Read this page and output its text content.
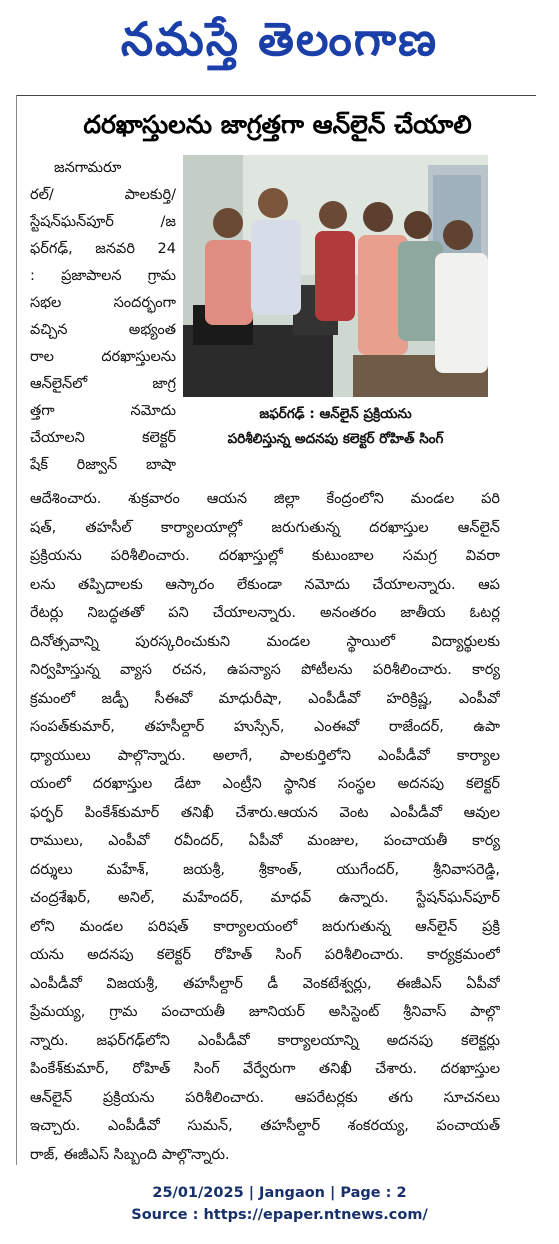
నమస్తే తెలంగాణ
దరఖాస్తులను జాగ్రత్తగా ఆన్‌లైన్ చేయాలి
జనగామరూ
రల్/ పాలకుర్తి/
స్టేషన్‌ఘన్‌పూర్ /జ
ఫర్‌గఢ్, జనవరి 24
: ప్రజాపాలన గ్రామ
సభల సందర్భంగా
వచ్చిన అభ్యంత
రాల దరఖాస్తులను
ఆన్‌లైన్‌లో జాగ్ర
త్తగా నమోదు
చేయాలని కలెక్టర్
షేక్ రిజ్వాన్ బాషా
జఫర్‌గఢ్ : ఆన్‌లైన్ ప్రక్రియను
పరిశీలిస్తున్న అదనపు కలెక్టర్ రోహిత్ సింగ్
ఆదేశించారు. శుక్రవారం ఆయన జిల్లా కేంద్రంలోని మండల పరి
షత్, తహసీల్ కార్యాలయాల్లో జరుగుతున్న దరఖాస్తుల ఆన్‌లైన్
ప్రక్రియను పరిశీలించారు. దరఖాస్తుల్లో కుటుంబాల సమగ్ర వివరా
లను తప్పిదాలకు ఆస్కారం లేకుండా నమోదు చేయాలన్నారు. ఆప
రేటర్లు నిబద్ధతతో పని చేయాలన్నారు. అనంతరం జాతీయ ఓటర్ల
దినోత్సవాన్ని పురస్కరించుకుని మండల స్థాయిలో విద్యార్థులకు
నిర్వహిస్తున్న వ్యాస రచన, ఉపన్యాస పోటీలను పరిశీలించారు. కార్య
క్రమంలో జడ్పీ సీఈవో మాధురీషా, ఎంపీడీవో హరిక్రిష్ణ, ఎంపీవో
సంపత్‌కుమార్, తహసీల్దార్ హుస్సేన్, ఎంఈవో రాజేందర్, ఉపా
ధ్యాయులు పాల్గొన్నారు. అలాగే, పాలకుర్తిలోని ఎంపీడీవో కార్యాల
యంలో దరఖాస్తుల డేటా ఎంట్రీని స్థానిక సంస్థల అదనపు కలెక్టర్
ఫర్ఫర్ పింకేశ్‌కుమార్ తనిఖీ చేశారు.ఆయన వెంట ఎంపీడీవో ఆవుల
రాములు, ఎంపీవో రవీందర్, ఏపీవో మంజుల, పంచాయతీ కార్య
దర్శులు మహేశ్, జయశ్రీ, శ్రీకాంత్, యుగేందర్, శ్రీనివాసరెడ్డి,
చంద్రశేఖర్, అనిల్, మహేందర్, మాధవ్ ఉన్నారు. స్టేషన్‌ఘన్‌పూర్
లోని మండల పరిషత్ కార్యాలయంలో జరుగుతున్న ఆన్‌లైన్ ప్రక్రి
యను అదనపు కలెక్టర్ రోహిత్ సింగ్ పరిశీలించారు. కార్యక్రమంలో
ఎంపీడీవో విజయశ్రీ, తహసీల్దార్ డీ వెంకటేశ్వర్లు, ఈజీఎస్ ఏపీవో
ప్రేమయ్య, గ్రామ పంచాయతీ జూనియర్ అసిస్టెంట్ శ్రీనివాస్ పాల్గొ
న్నారు. జఫర్‌గఢ్‌లోని ఎంపీడీవో కార్యాలయాన్ని అదనపు కలెక్టర్లు
పింకేశ్‌కుమార్, రోహిత్ సింగ్ వేర్వేరుగా తనిఖీ చేశారు. దరఖాస్తుల
ఆన్‌లైన్ ప్రక్రియను పరిశీలించారు. ఆపరేటర్లకు తగు సూచనలు
ఇచ్చారు. ఎంపీడీవో సుమన్, తహసీల్దార్ శంకరయ్య, పంచాయత్
రాజ్, ఈజీఎస్ సిబ్బంది పాల్గొన్నారు.
25/01/2025 | Jangaon | Page : 2
Source : https://epaper.ntnews.com/
